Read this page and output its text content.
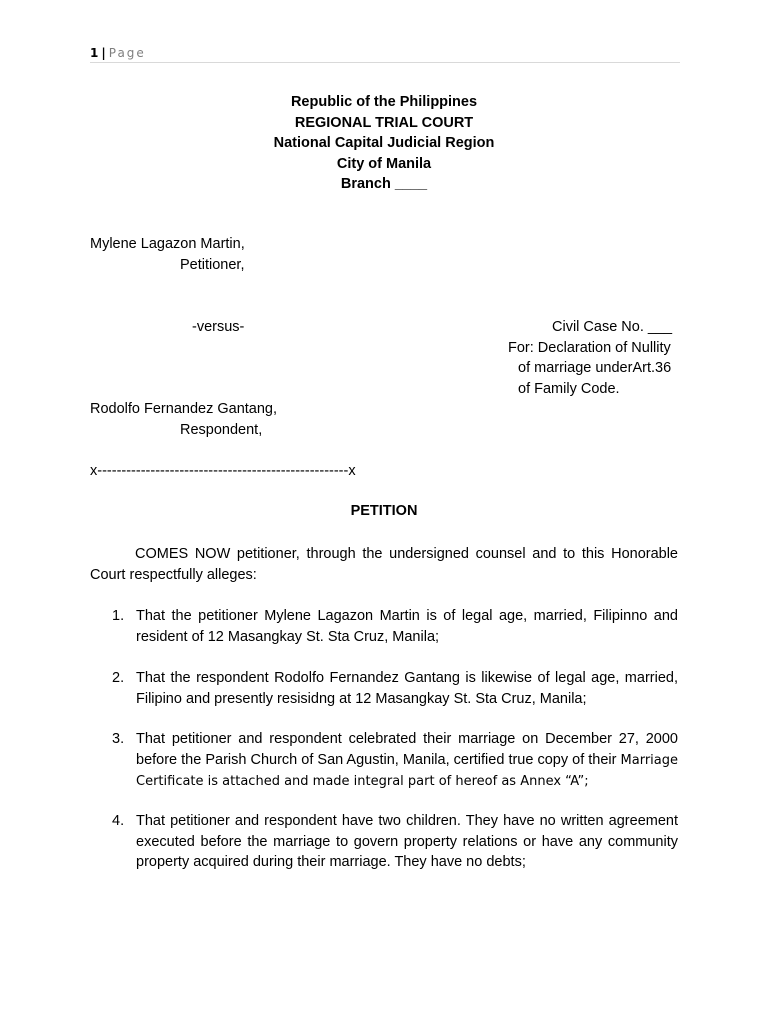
1 | Page
Republic of the Philippines
REGIONAL TRIAL COURT
National Capital Judicial Region
City of Manila
Branch ____
Mylene Lagazon Martin,
Petitioner,
-versus-	Civil Case No. ___
For: Declaration of Nullity
of marriage underArt.36
of Family Code.
Rodolfo Fernandez Gantang,
Respondent,
x----------------------------------------------------x
PETITION
COMES NOW petitioner, through the undersigned counsel and to this Honorable Court respectfully alleges:
1. That the petitioner Mylene Lagazon Martin is of legal age, married, Filipinno and resident of 12 Masangkay St. Sta Cruz, Manila;
2. That the respondent Rodolfo Fernandez Gantang is likewise of legal age, married, Filipino and presently resisidng at 12 Masangkay St. Sta Cruz, Manila;
3. That petitioner and respondent celebrated their marriage on December 27, 2000 before the Parish Church of San Agustin, Manila, certified true copy of their Marriage Certificate is attached and made integral part of hereof as Annex “A”;
4. That petitioner and respondent have two children. They have no written agreement executed before the marriage to govern property relations or have any community property acquired during their marriage. They have no debts;
